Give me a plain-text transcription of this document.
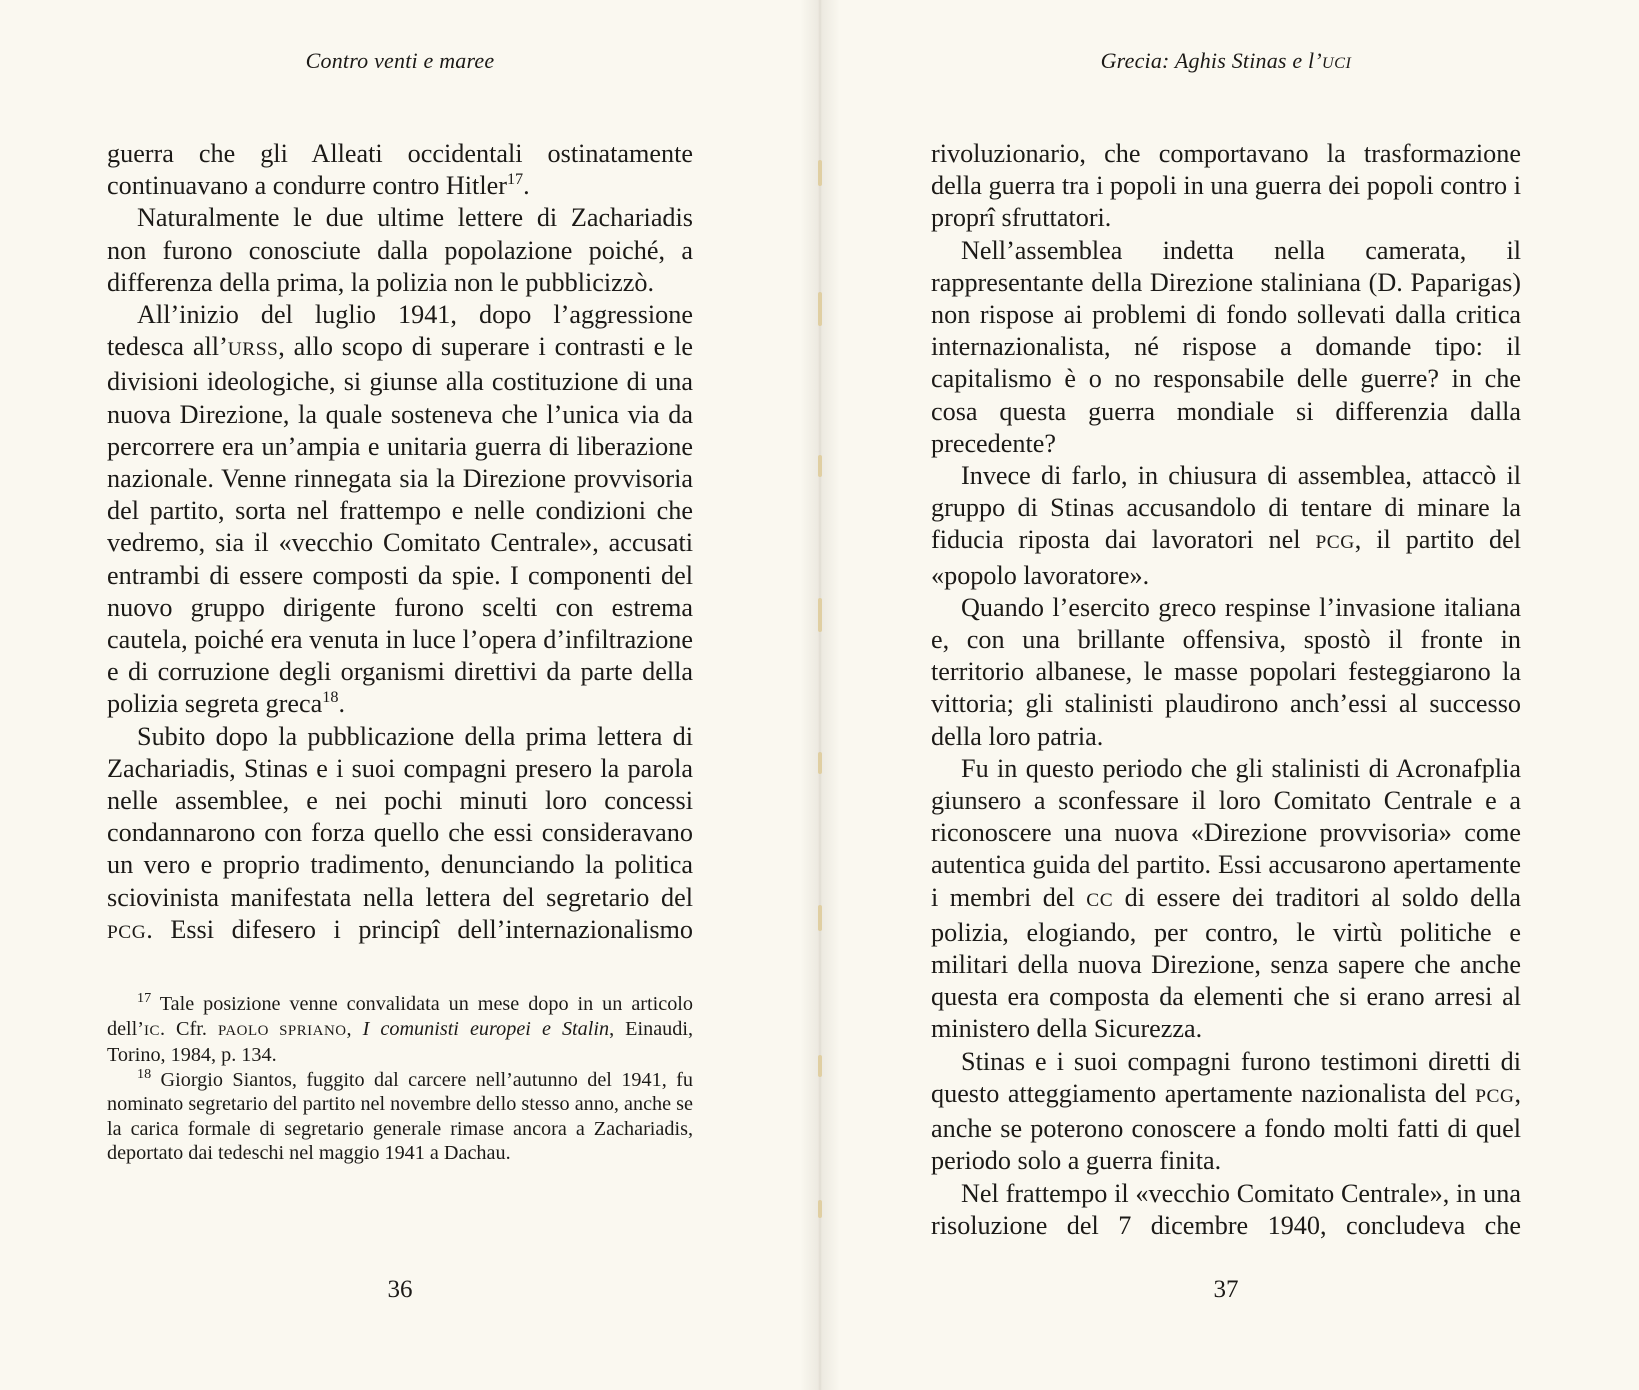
Contro venti e maree

guerra che gli Alleati occidentali ostinatamente continuavano a condurre contro Hitler$^{17}$.

Naturalmente le due ultime lettere di Zachariadis non furono conosciute dalla popolazione poiché, a differenza della prima, la polizia non le pubblicizzò.

All’inizio del luglio 1941, dopo l’aggressione tedesca all’URSS, allo scopo di superare i contrasti e le divisioni ideologiche, si giunse alla costituzione di una nuova Direzione, la quale sosteneva che l’unica via da percorrere era un’ampia e unitaria guerra di liberazione nazionale. Venne rinnegata sia la Direzione provvisoria del partito, sorta nel frattempo e nelle condizioni che vedremo, sia il «vecchio Comitato Centrale», accusati entrambi di essere composti da spie. I componenti del nuovo gruppo dirigente furono scelti con estrema cautela, poiché era venuta in luce l’opera d’infiltrazione e di corruzione degli organismi direttivi da parte della polizia segreta greca$^{18}$.

Subito dopo la pubblicazione della prima lettera di Zachariadis, Stinas e i suoi compagni presero la parola nelle assemblee, e nei pochi minuti loro concessi condannarono con forza quello che essi consideravano un vero e proprio tradimento, denunciando la politica sciovinista manifestata nella lettera del segretario del PCG. Essi difesero i principî dell’internazionalismo

$^{17}$ Tale posizione venne convalidata un mese dopo in un articolo dell’IC. Cfr. PAOLO SPRIANO, I comunisti europei e Stalin, Einaudi, Torino, 1984, p. 134.

$^{18}$ Giorgio Siantos, fuggito dal carcere nell’autunno del 1941, fu nominato segretario del partito nel novembre dello stesso anno, anche se la carica formale di segretario generale rimase ancora a Zachariadis, deportato dai tedeschi nel maggio 1941 a Dachau.

36
Grecia: Aghis Stinas e l’UCI

rivoluzionario, che comportavano la trasformazione della guerra tra i popoli in una guerra dei popoli contro i proprî sfruttatori.

Nell’assemblea indetta nella camerata, il rappresentante della Direzione staliniana (D. Paparigas) non rispose ai problemi di fondo sollevati dalla critica internazionalista, né rispose a domande tipo: il capitalismo è o no responsabile delle guerre? in che cosa questa guerra mondiale si differenzia dalla precedente?

Invece di farlo, in chiusura di assemblea, attaccò il gruppo di Stinas accusandolo di tentare di minare la fiducia riposta dai lavoratori nel PCG, il partito del «popolo lavoratore».

Quando l’esercito greco respinse l’invasione italiana e, con una brillante offensiva, spostò il fronte in territorio albanese, le masse popolari festeggiarono la vittoria; gli stalinisti plaudirono anch’essi al successo della loro patria.

Fu in questo periodo che gli stalinisti di Acronafplia giunsero a sconfessare il loro Comitato Centrale e a riconoscere una nuova «Direzione provvisoria» come autentica guida del partito. Essi accusarono apertamente i membri del CC di essere dei traditori al soldo della polizia, elogiando, per contro, le virtù politiche e militari della nuova Direzione, senza sapere che anche questa era composta da elementi che si erano arresi al ministero della Sicurezza.

Stinas e i suoi compagni furono testimoni diretti di questo atteggiamento apertamente nazionalista del PCG, anche se poterono conoscere a fondo molti fatti di quel periodo solo a guerra finita.

Nel frattempo il «vecchio Comitato Centrale», in una risoluzione del 7 dicembre 1940, concludeva che

37
